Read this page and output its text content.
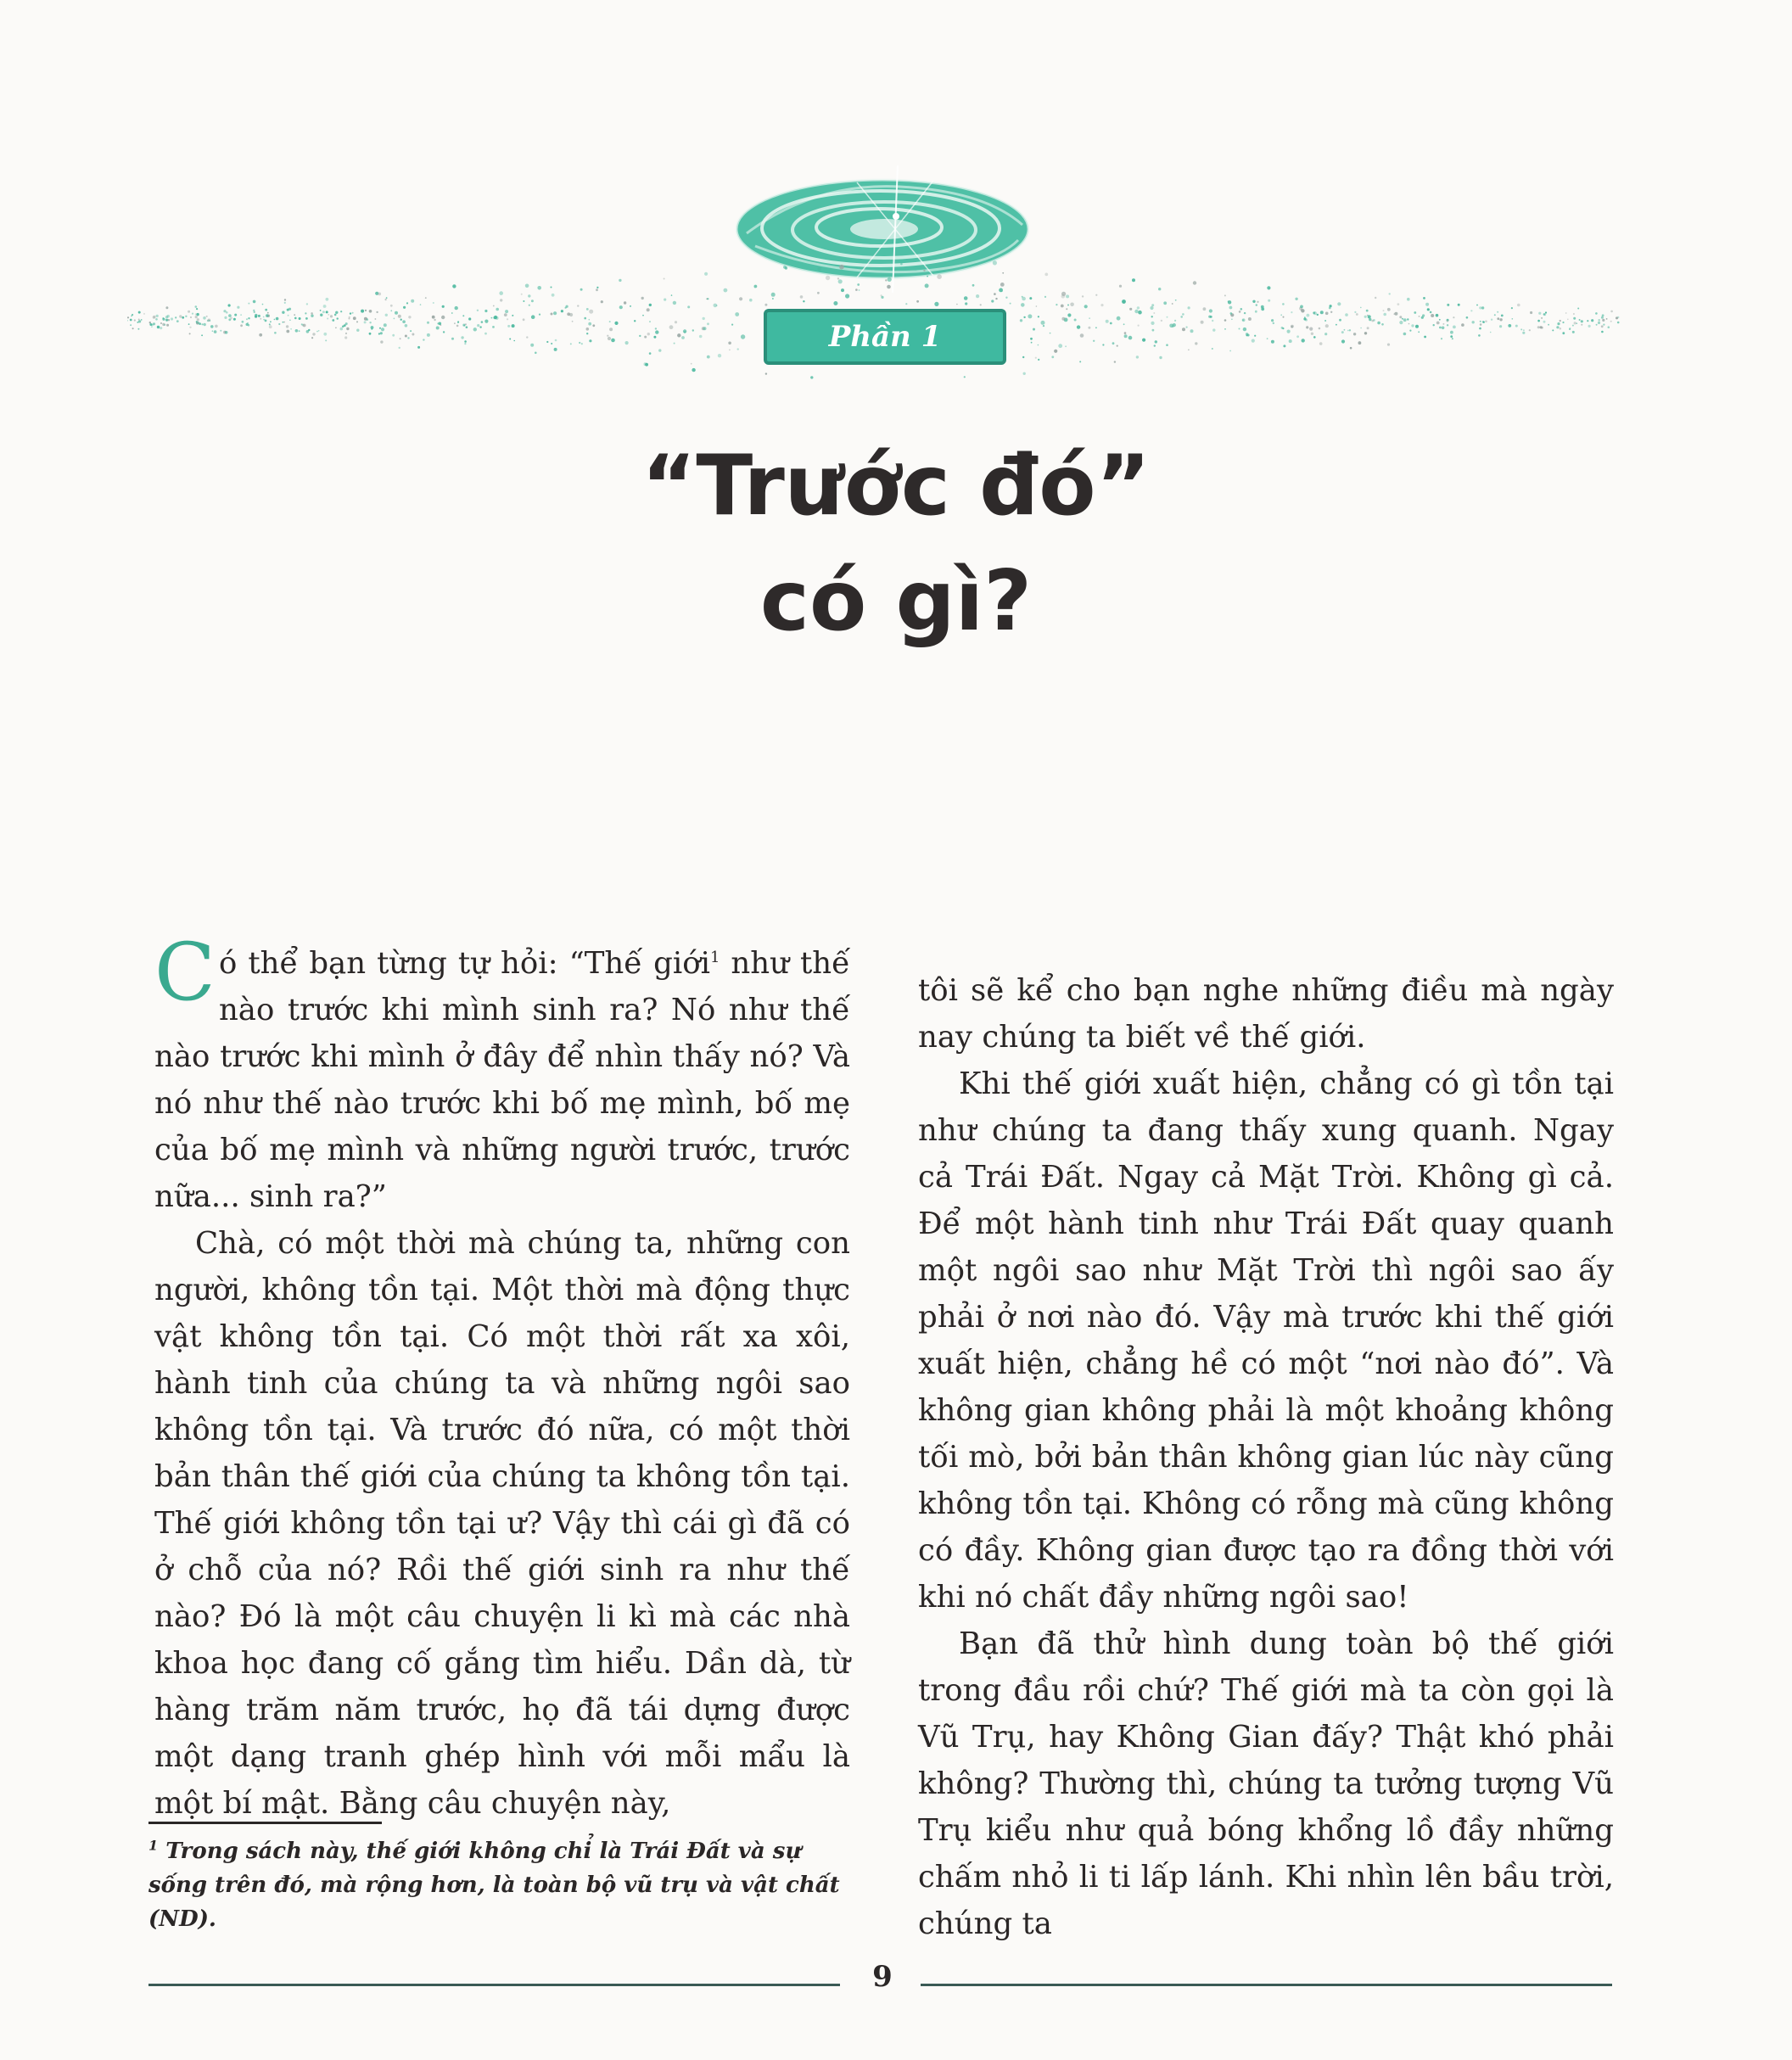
Phần 1
“Trước đó”
có gì?

Có thể bạn từng tự hỏi: “Thế giới$^1$ như thế nào trước khi mình sinh ra? Nó như thế nào trước khi mình ở đây để nhìn thấy nó? Và nó như thế nào trước khi bố mẹ mình, bố mẹ của bố mẹ mình và những người trước, trước nữa... sinh ra?”

Chà, có một thời mà chúng ta, những con người, không tồn tại. Một thời mà động thực vật không tồn tại. Có một thời rất xa xôi, hành tinh của chúng ta và những ngôi sao không tồn tại. Và trước đó nữa, có một thời bản thân thế giới của chúng ta không tồn tại. Thế giới không tồn tại ư? Vậy thì cái gì đã có ở chỗ của nó? Rồi thế giới sinh ra như thế nào? Đó là một câu chuyện li kì mà các nhà khoa học đang cố gắng tìm hiểu. Dần dà, từ hàng trăm năm trước, họ đã tái dựng được một dạng tranh ghép hình với mỗi mẩu là một bí mật. Bằng câu chuyện này,

tôi sẽ kể cho bạn nghe những điều mà ngày nay chúng ta biết về thế giới.

Khi thế giới xuất hiện, chẳng có gì tồn tại như chúng ta đang thấy xung quanh. Ngay cả Trái Đất. Ngay cả Mặt Trời. Không gì cả. Để một hành tinh như Trái Đất quay quanh một ngôi sao như Mặt Trời thì ngôi sao ấy phải ở nơi nào đó. Vậy mà trước khi thế giới xuất hiện, chẳng hề có một “nơi nào đó”. Và không gian không phải là một khoảng không tối mò, bởi bản thân không gian lúc này cũng không tồn tại. Không có rỗng mà cũng không có đầy. Không gian được tạo ra đồng thời với khi nó chất đầy những ngôi sao!

Bạn đã thử hình dung toàn bộ thế giới trong đầu rồi chứ? Thế giới mà ta còn gọi là Vũ Trụ, hay Không Gian đấy? Thật khó phải không? Thường thì, chúng ta tưởng tượng Vũ Trụ kiểu như quả bóng khổng lồ đầy những chấm nhỏ li ti lấp lánh. Khi nhìn lên bầu trời, chúng ta

$^1$ Trong sách này, thế giới không chỉ là Trái Đất và sự sống trên đó, mà rộng hơn, là toàn bộ vũ trụ và vật chất (ND).
9
